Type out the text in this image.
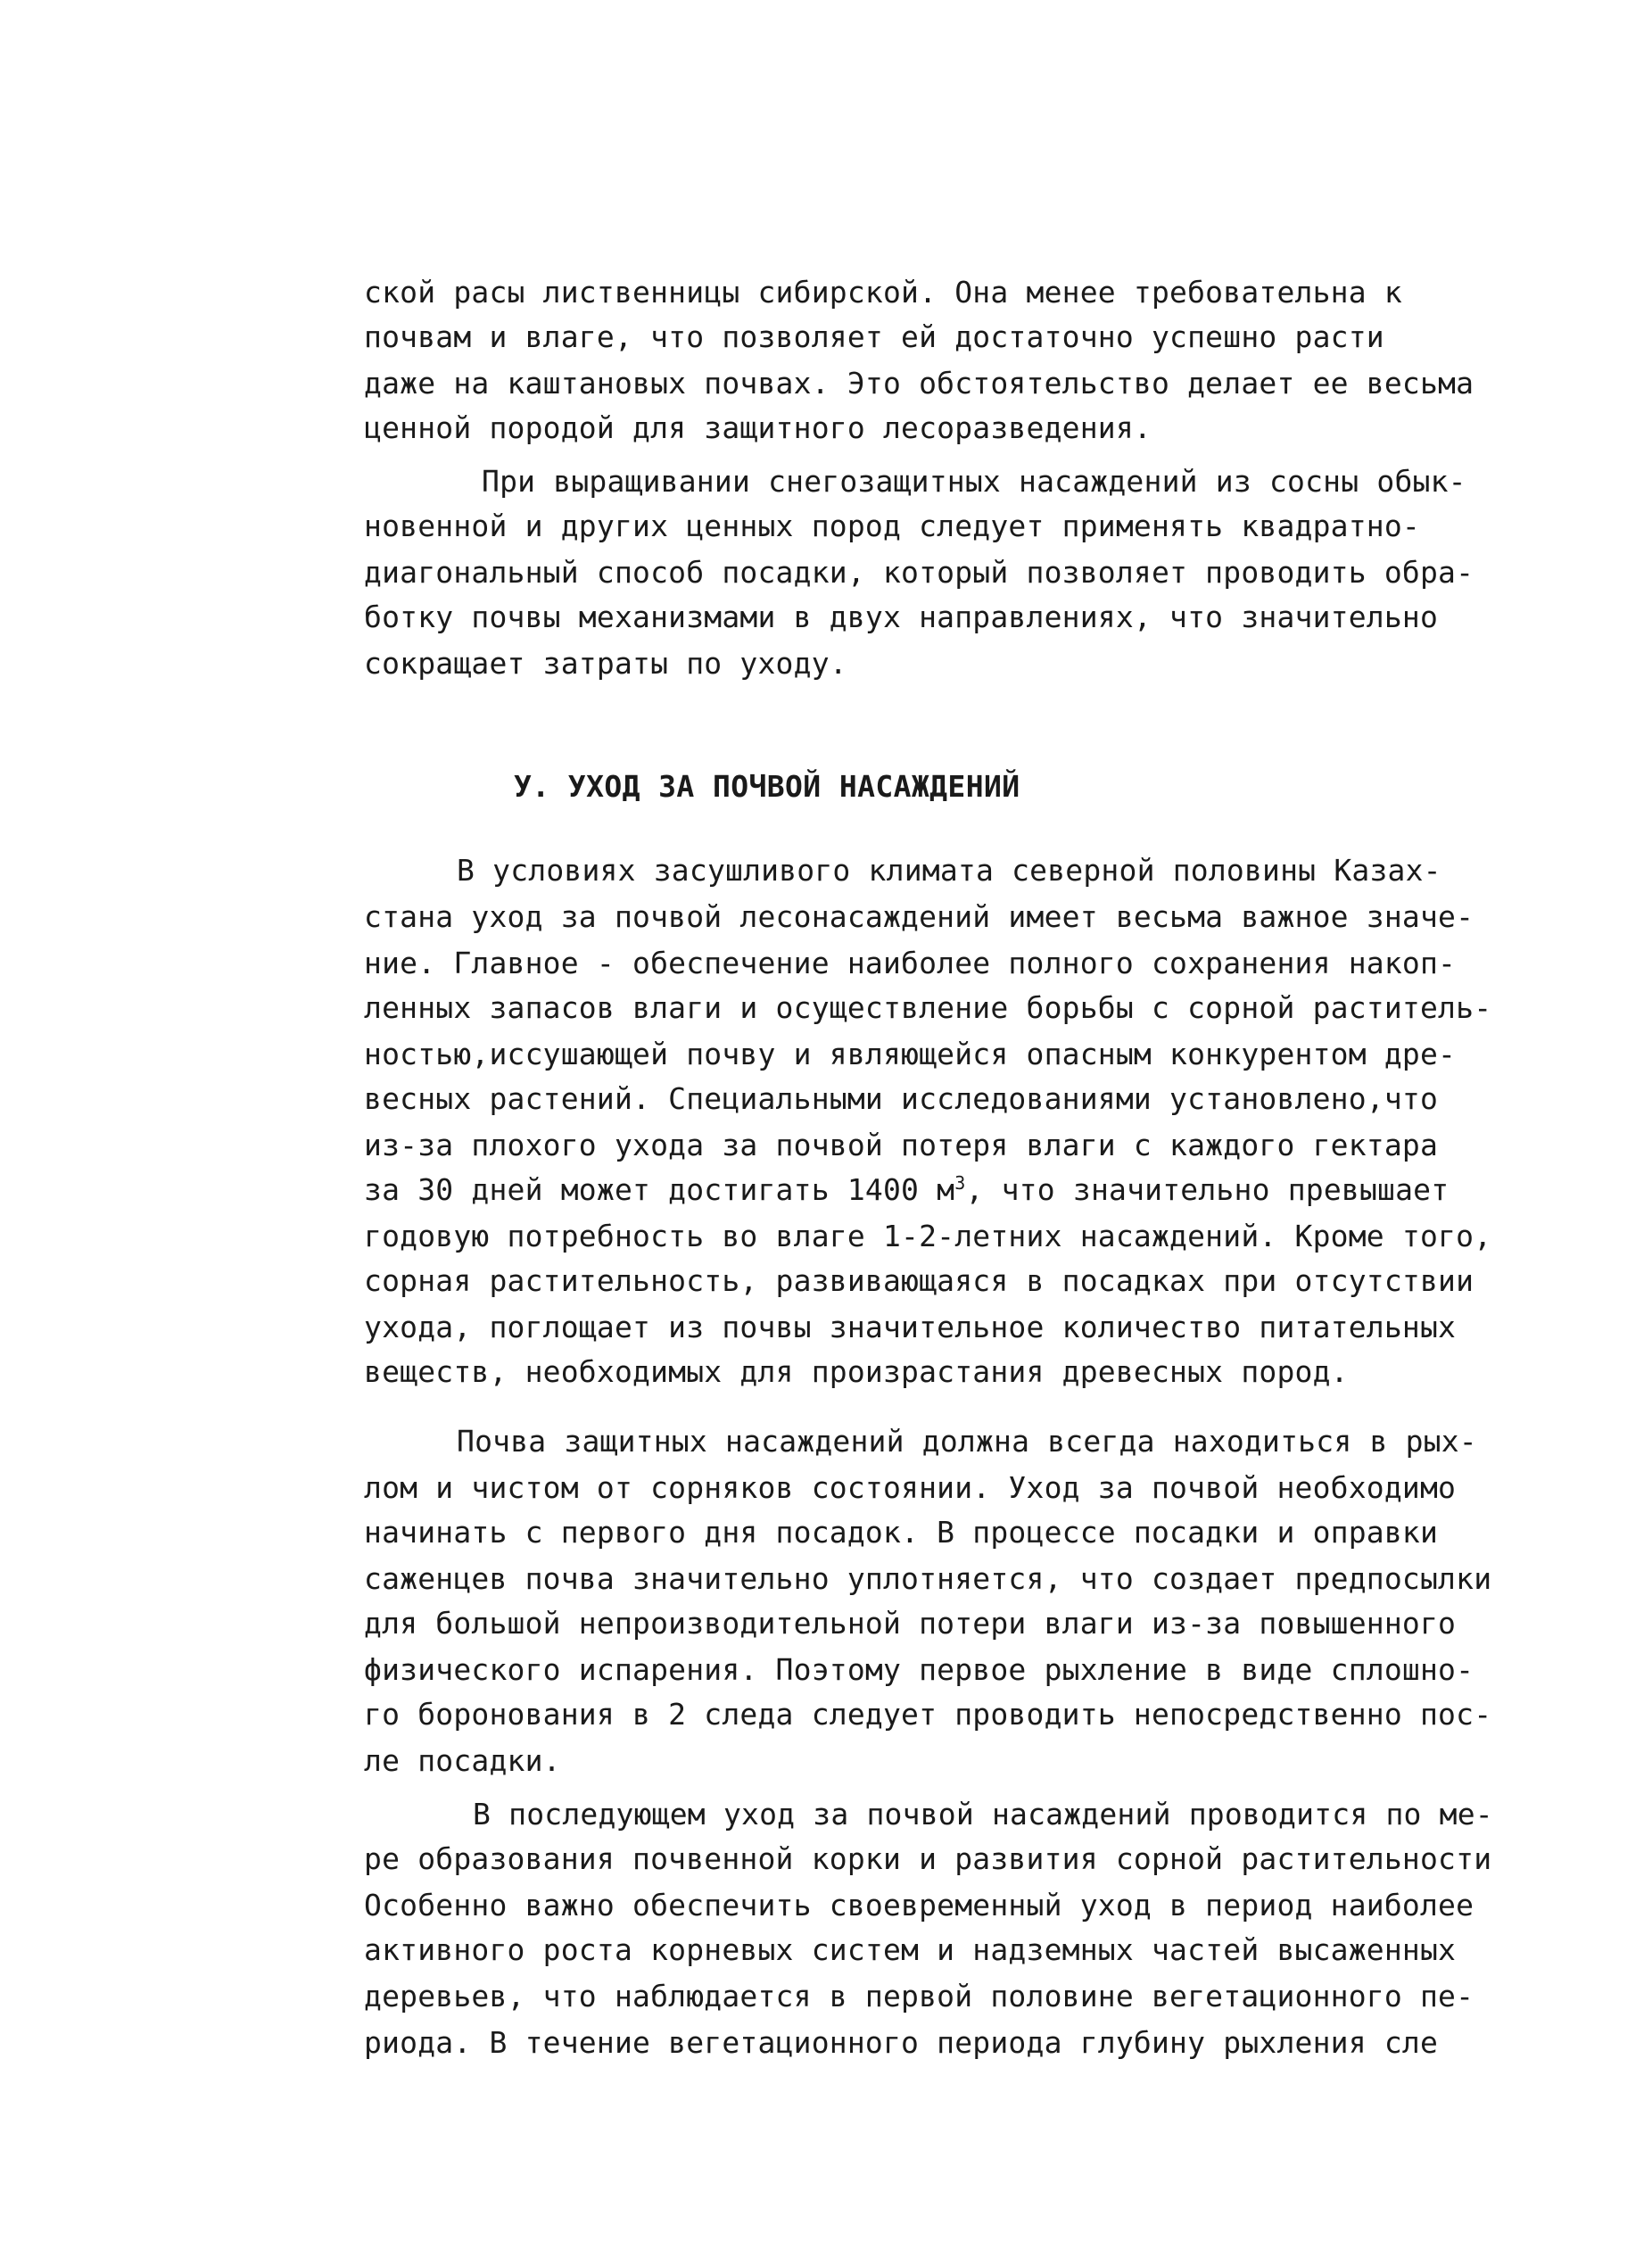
ской расы лиственницы сибирской. Она менее требовательна к

почвам и влаге, что позволяет ей достаточно успешно расти

даже на каштановых почвах. Это обстоятельство делает ее весьма

ценной породой для защитного лесоразведения.

При выращивании снегозащитных насаждений из сосны обык-

новенной и других ценных пород следует применять квадратно-

диагональный способ посадки, который позволяет проводить обра-

ботку почвы механизмами в двух направлениях, что значительно

сокращает затраты по уходу.

У. УХОД ЗА ПОЧВОЙ НАСАЖДЕНИЙ

В условиях засушливого климата северной половины Казах-

стана уход за почвой лесонасаждений имеет весьма важное значе-

ние. Главное - обеспечение наиболее полного сохранения накоп-

ленных запасов влаги и осуществление борьбы с сорной раститель-

ностью,иссушающей почву и являющейся опасным конкурентом дре-

весных растений. Специальными исследованиями установлено,что

из-за плохого ухода за почвой потеря влаги с каждого гектара

за 30 дней может достигать 1400 $м^3$, что значительно превышает

годовую потребность во влаге 1-2-летних насаждений. Кроме того,

сорная растительность, развивающаяся в посадках при отсутствии

ухода, поглощает из почвы значительное количество питательных

веществ, необходимых для произрастания древесных пород.

Почва защитных насаждений должна всегда находиться в рых-

лом и чистом от сорняков состоянии. Уход за почвой необходимо

начинать с первого дня посадок. В процессе посадки и оправки

саженцев почва значительно уплотняется, что создает предпосылки

для большой непроизводительной потери влаги из-за повышенного

физического испарения. Поэтому первое рыхление в виде сплошно-

го боронования в 2 следа следует проводить непосредственно пос-

ле посадки.

В последующем уход за почвой насаждений проводится по ме-

ре образования почвенной корки и развития сорной растительности

Особенно важно обеспечить своевременный уход в период наиболее

активного роста корневых систем и надземных частей высаженных

деревьев, что наблюдается в первой половине вегетационного пе-

риода. В течение вегетационного периода глубину рыхления сле
